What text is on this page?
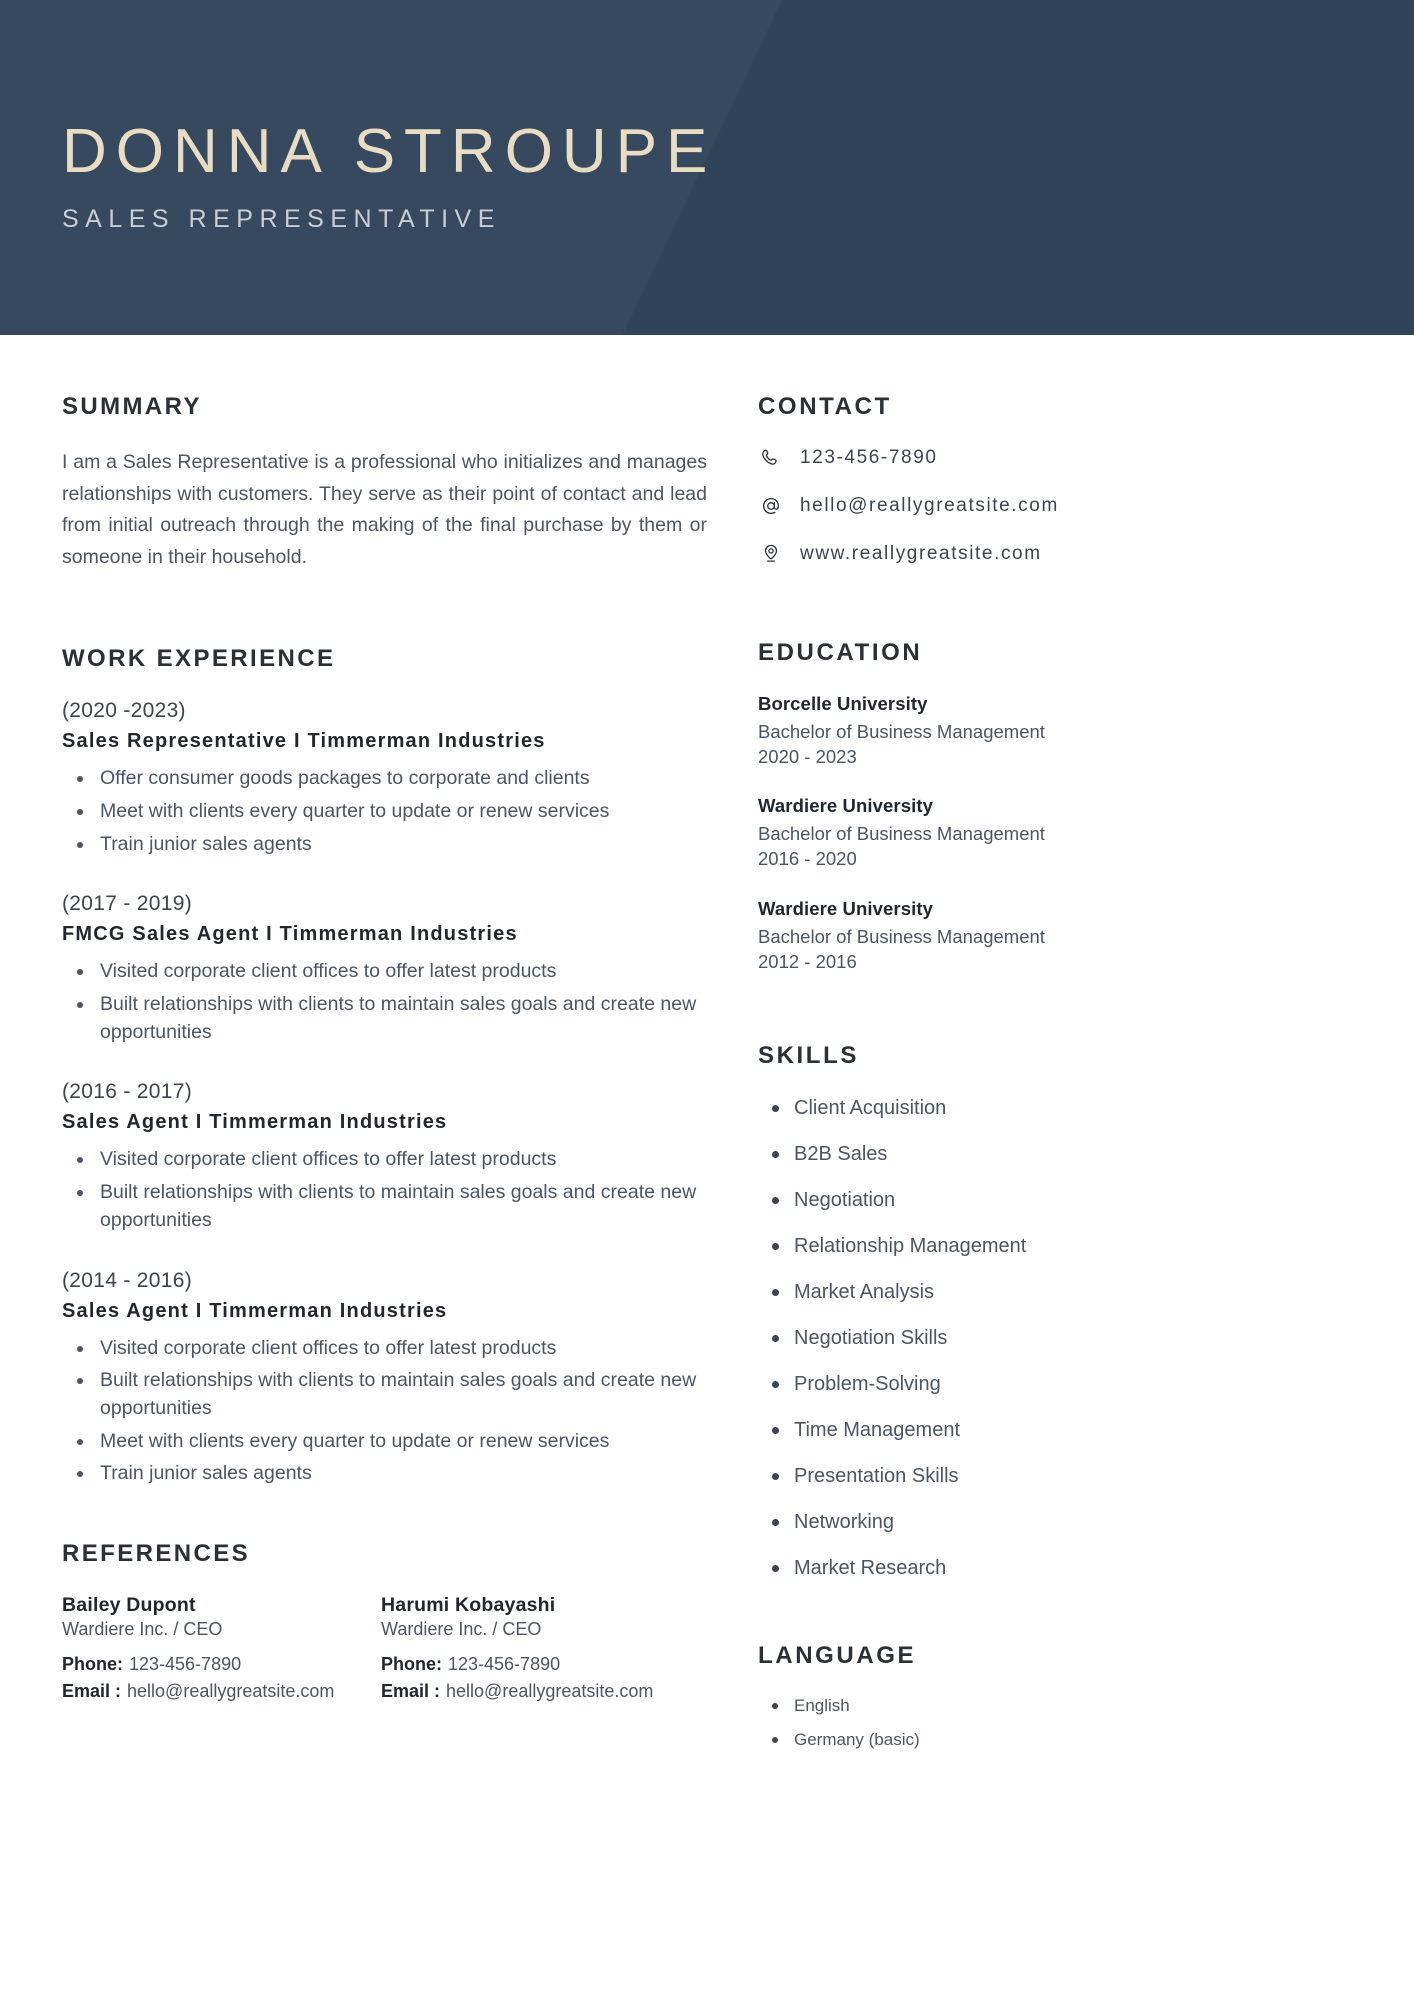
DONNA STROUPE
SALES REPRESENTATIVE
SUMMARY

I am a Sales Representative is a professional who initializes and manages relationships with customers. They serve as their point of contact and lead from initial outreach through the making of the final purchase by them or someone in their household.

WORK EXPERIENCE
(2020 -2023)
Sales Representative I Timmerman Industries
Offer consumer goods packages to corporate and clients
Meet with clients every quarter to update or renew services
Train junior sales agents
(2017 - 2019)
FMCG Sales Agent I Timmerman Industries
Visited corporate client offices to offer latest products
Built relationships with clients to maintain sales goals and create new opportunities
(2016 - 2017)
Sales Agent I Timmerman Industries
Visited corporate client offices to offer latest products
Built relationships with clients to maintain sales goals and create new opportunities
(2014 - 2016)
Sales Agent I Timmerman Industries
Visited corporate client offices to offer latest products
Built relationships with clients to maintain sales goals and create new opportunities
Meet with clients every quarter to update or renew services
Train junior sales agents
REFERENCES
Bailey Dupont
Wardiere Inc. / CEO
Phone: 123-456-7890
Email : hello@reallygreatsite.com
Harumi Kobayashi
Wardiere Inc. / CEO
Phone: 123-456-7890
Email : hello@reallygreatsite.com
CONTACT
123-456-7890
hello@reallygreatsite.com
www.reallygreatsite.com
EDUCATION
Borcelle University
Bachelor of Business Management
2020 - 2023
Wardiere University
Bachelor of Business Management
2016 - 2020
Wardiere University
Bachelor of Business Management
2012 - 2016
SKILLS
Client Acquisition
B2B Sales
Negotiation
Relationship Management
Market Analysis
Negotiation Skills
Problem-Solving
Time Management
Presentation Skills
Networking
Market Research
LANGUAGE
English
Germany (basic)
